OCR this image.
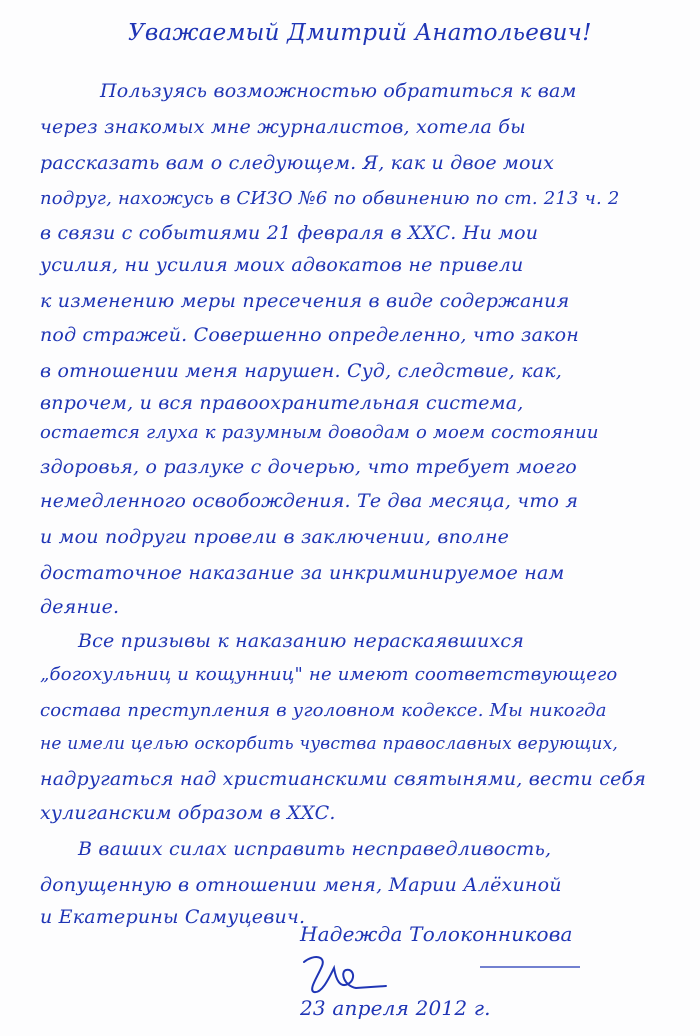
Уважаемый Дмитрий Анатольевич!
Пользуясь возможностью обратиться к вам
через знакомых мне журналистов, хотела бы
рассказать вам о следующем. Я, как и двое моих
подруг, нахожусь в СИЗО №6 по обвинению по ст. 213 ч. 2
в связи с событиями 21 февраля в ХХС. Ни мои
усилия, ни усилия моих адвокатов не привели
к изменению меры пресечения в виде содержания
под стражей. Совершенно определенно, что закон
в отношении меня нарушен. Суд, следствие, как,
впрочем, и вся правоохранительная система,
остается глуха к разумным доводам о моем состоянии
здоровья, о разлуке с дочерью, что требует моего
немедленного освобождения. Те два месяца, что я
и мои подруги провели в заключении, вполне
достаточное наказание за инкриминируемое нам
деяние.
Все призывы к наказанию нераскаявшихся
„богохульниц и кощунниц" не имеют соответствующего
состава преступления в уголовном кодексе. Мы никогда
не имели целью оскорбить чувства православных верующих,
надругаться над христианскими святынями, вести себя
хулиганским образом в ХХС.
В ваших силах исправить несправедливость,
допущенную в отношении меня, Марии Алёхиной
и Екатерины Самуцевич.
Надежда Толоконникова
23 апреля 2012 г.
